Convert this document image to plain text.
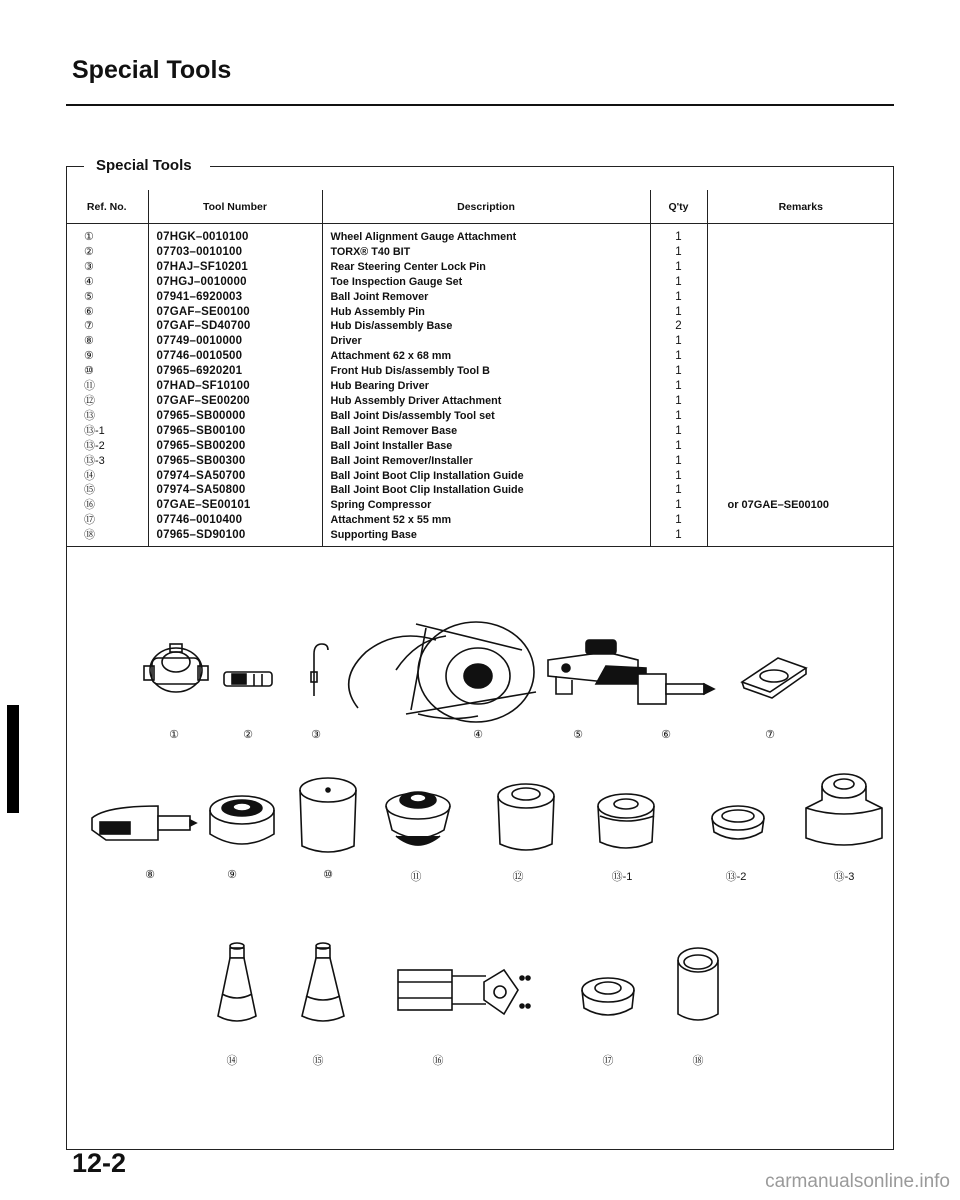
Special Tools
Special Tools
Ref. No.	Tool Number	Description	Q'ty	Remarks
①	07HGK–0010100	Wheel Alignment Gauge Attachment	1	
②	07703–0010100	TORX® T40 BIT	1	
③	07HAJ–SF10201	Rear Steering Center Lock Pin	1	
④	07HGJ–0010000	Toe Inspection Gauge Set	1	
⑤	07941–6920003	Ball Joint Remover	1	
⑥	07GAF–SE00100	Hub Assembly Pin	1	
⑦	07GAF–SD40700	Hub Dis/assembly Base	2	
⑧	07749–0010000	Driver	1	
⑨	07746–0010500	Attachment 62 x 68 mm	1	
⑩	07965–6920201	Front Hub Dis/assembly Tool B	1	
⑪	07HAD–SF10100	Hub Bearing Driver	1	
⑫	07GAF–SE00200	Hub Assembly Driver Attachment	1	
⑬	07965–SB00000	Ball Joint Dis/assembly Tool set	1	
⑬-1	07965–SB00100	Ball Joint Remover Base	1	
⑬-2	07965–SB00200	Ball Joint Installer Base	1	
⑬-3	07965–SB00300	Ball Joint Remover/Installer	1	
⑭	07974–SA50700	Ball Joint Boot Clip Installation Guide	1	
⑮	07974–SA50800	Ball Joint Boot Clip Installation Guide	1	
⑯	07GAE–SE00101	Spring Compressor	1	or 07GAE–SE00100
⑰	07746–0010400	Attachment 52 x 55 mm	1	
⑱	07965–SD90100	Supporting Base	1	
①	②	③	④	⑤	⑥	⑦
⑧	⑨	⑩	⑪	⑫	⑬-1	⑬-2	⑬-3
⑭	⑮	⑯	⑰	⑱
12-2
carmanualsonline.info
